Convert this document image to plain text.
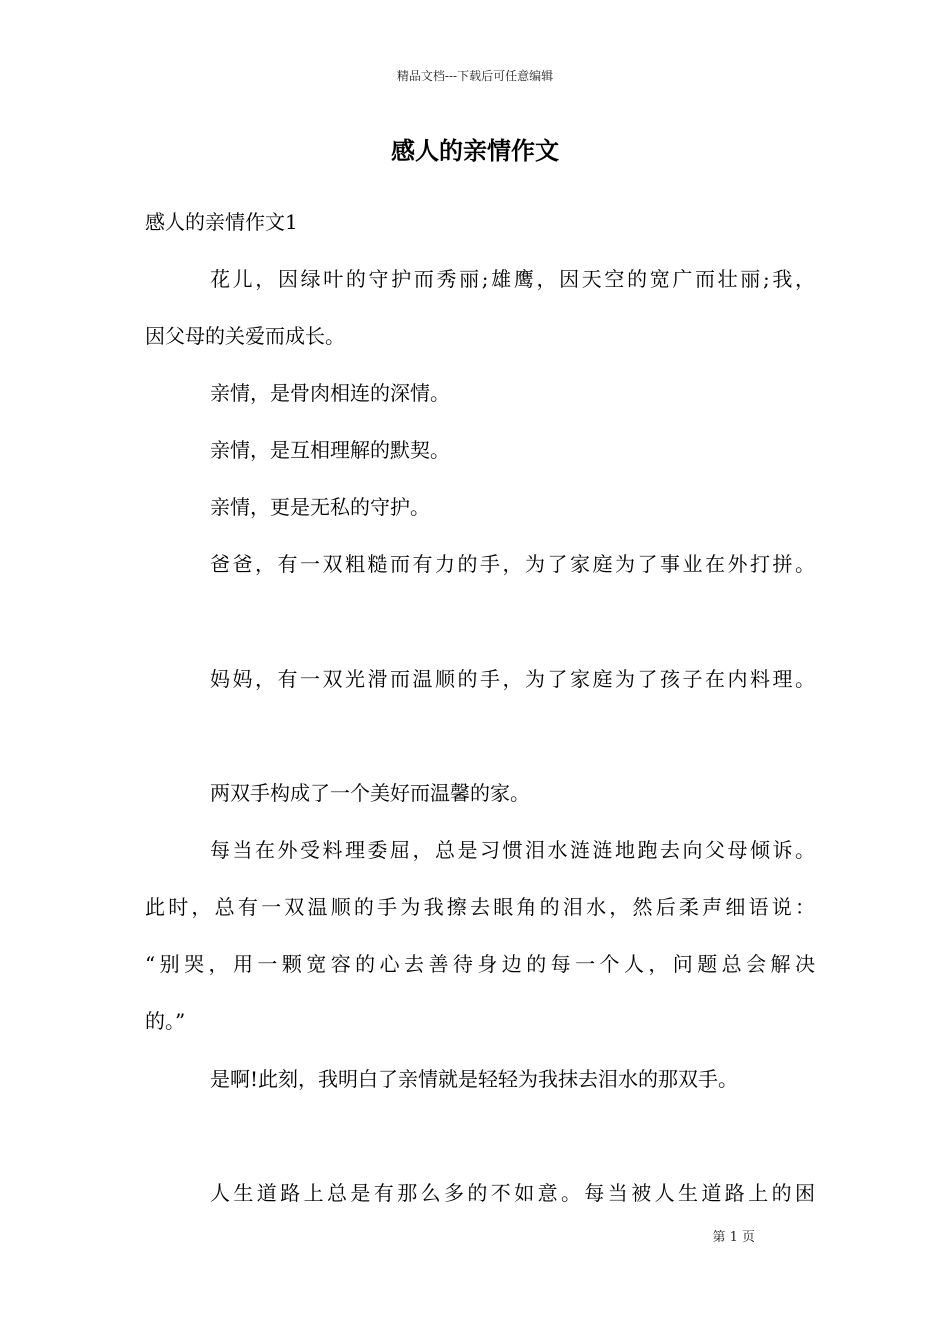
精品文档---下载后可任意编辑
感人的亲情作文
感人的亲情作文1
花儿，因绿叶的守护而秀丽;雄鹰，因天空的宽广而壮丽;我，
因父母的关爱而成长。
亲情，是骨肉相连的深情。
亲情，是互相理解的默契。
亲情，更是无私的守护。
爸爸，有一双粗糙而有力的手，为了家庭为了事业在外打拼。
妈妈，有一双光滑而温顺的手，为了家庭为了孩子在内料理。
两双手构成了一个美好而温馨的家。
每当在外受料理委屈，总是习惯泪水涟涟地跑去向父母倾诉。
此时，总有一双温顺的手为我擦去眼角的泪水，然后柔声细语说：
“别哭，用一颗宽容的心去善待身边的每一个人，问题总会解决
的。”
是啊!此刻，我明白了亲情就是轻轻为我抹去泪水的那双手。
人生道路上总是有那么多的不如意。每当被人生道路上的困
第 1 页
